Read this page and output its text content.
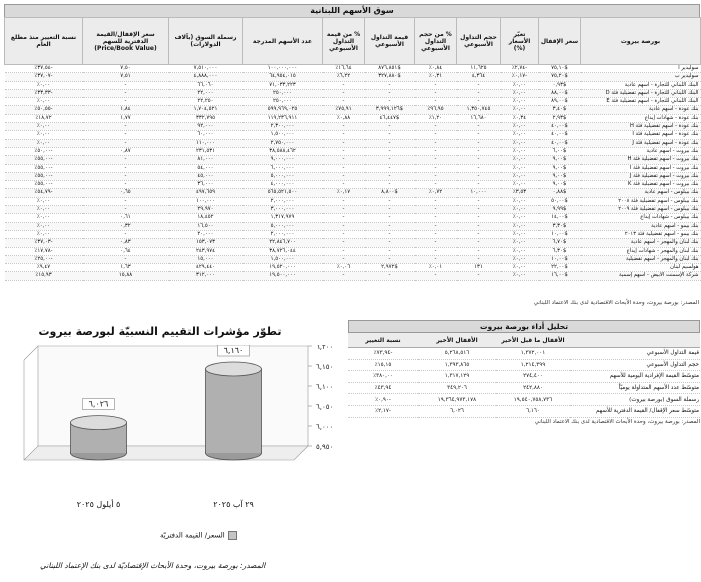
سوق الأسهم اللبنانية
بورصة بيروت	سعر الإقفال	تغيّر الأسعار (%)	حجم التداول الأسبوعي	% من حجم التداول الأسبوعي	قيمة التداول الأسبوعي	% من قيمة التداول الأسبوعي	عدد الأسهم المدرجة	رسملة السوق (بآلاف الدولارات)	سعر الإقفال/القيمة الدفترية للسهم (Price/Book Value)	نسبة التغيير منذ مطلع العام
سوليدير أ	$٧٥,١٠	-٢,٧٤٪	١١,٦٢٥	٠,٨٤٪	$٨٧٦,٨٥١	١٦,٦٤٪	١٠٠,٠٠٠,٠٠٠	٧,٥١٠,٠٠٠	٧,٥٠	-٣٧,٥٤٪
سوليدير ب	$٧٥,٢٠	-٠,١٧٪	٤,٣٦٤	٠,٣١٪	$٣٢٧,٨٨٠	٦,٢٢٪	٦٤,٩٥٤,٠١٥	٤,٨٨٨,٠٠٠	٧,٥١	-٣٧,٠٧٪
البنك اللبناني للتجارة - أسهم عادية	$٠,٩٣	٠,٠٠٪	-	-	-	-	٧١,٠٣٣,٢٢٣	٦٦,٠٦٠	-	٠,٠٠٪
البنك اللبناني للتجارة - أسهم تفضيلية فئة D	$٨٨,٠٠	٠,٠٠٪	-	-	-	-	٢٥٠,٠٠٠	٢٢,٠٠٠	-	-٣٣,٣٣٪
البنك اللبناني للتجارة - أسهم تفضيلية فئة E	$٨٩,٠٠	٠,٠٠٪	-	-	-	-	٢٥٠,٠٠٠	٢٢,٢٥٠	-	٠,٠٠٪
بنك عودة - أسهم عادية	$٣,٤٠	٠,٠٠٪	١,٣٥٠,٧٤٥	٩٦,٩٥٪	$٣,٩٩٩,١٢٦	٧٥,٩١٪	٥٩٩,٩٦٩,٠٢٥	١,٧٠٤,٥٢١	١,٨٤	-٥٠,٥٥٪
بنك عودة - شهادات إيداع	$٢,٩٣	٠,٣٤٪	١٦,٦٨٠	١,٢٠٪	$٤٦,٤٤٧	٠,٨٨٪	١١٩,٢٣٦,٩١١	٣٣٢,٧٩٥	١,٧٧	١٨,٧٢٪
بنك عودة - أسهم تفضيلية فئة H	$٤٠,٠٠	٠,٠٠٪	-	-	-	-	٢,٣٠٠,٠٠٠	٩٢,٠٠٠	-	٠,٠٠٪
بنك عودة - أسهم تفضيلية فئة I	$٤٠,٠٠	٠,٠٠٪	-	-	-	-	١,٥٠٠,٠٠٠	٦٠,٠٠٠	-	٠,٠٠٪
بنك عودة - أسهم تفضيلية فئة J	$٤٠,٠٠	٠,٠٠٪	-	-	-	-	٢,٧٥٠,٠٠٠	١١٠,٠٠٠	-	٠,٠٠٪
بنك بيروت - أسهم عادية	$٦,٠٠	٠,٠٠٪	-	-	-	-	٣٨,٥٨٨,٤٦٢	٢٣١,٥٣١	٠,٨٧	-٥٠,٠٠٪
بنك بيروت - أسهم تفضيلية فئة H	$٩,٠٠	٠,٠٠٪	-	-	-	-	٩,٠٠٠,٠٠٠	٨١,٠٠٠	-	-٥٥,٠٠٪
بنك بيروت - أسهم تفضيلية فئة I	$٩,٠٠	٠,٠٠٪	-	-	-	-	٦,٠٠٠,٠٠٠	٥٤,٠٠٠	-	-٥٥,٠٠٪
بنك بيروت - أسهم تفضيلية فئة J	$٩,٠٠	٠,٠٠٪	-	-	-	-	٥,٠٠٠,٠٠٠	٤٥,٠٠٠	-	-٥٥,٠٠٪
بنك بيروت - أسهم تفضيلية فئة K	$٩,٠٠	٠,٠٠٪	-	-	-	-	٤,٠٠٠,٠٠٠	٣٦,٠٠٠	-	-٥٥,٠٠٪
بنك بيبلوس - أسهم عادية	$٠,٨٨	٣,٥٣٪	١٠,٠٠٠	٠,٧٢٪	$٨,٨٠٠	٠,١٧٪	٥٦٥,٥٢١,٥٠٠	٤٩٧,٦٥٩	٠,٦٥	-٥٤,٧٩٪
بنك بيبلوس - أسهم تفضيلية فئة ٢٠٠٨	$٥٠,٠٠	٠,٠٠٪	-	-	-	-	٢,٠٠٠,٠٠٠	١٠٠,٠٠٠	-	٠,٠٠٪
بنك بيبلوس - أسهم تفضيلية فئة ٢٠٠٩	$٩,٩٩	٠,٠٠٪	-	-	-	-	٣,٠٠٠,٠٠٠	٢٩,٩٧٠	-	٠,٠٠٪
بنك بيبلوس - شهادات إيداع	$١٤,٠٠	٠,٠٠٪	-	-	-	-	١,٣١٧,٩٧٩	١٨,٤٥٢	٠,٦١	٠,٠٠٪
بنك بيمو - أسهم عادية	$٣,٣٠	٠,٠٠٪	-	-	-	-	٥,٠٠٠,٠٠٠	١٦,٥٠٠	٠,٣٢	٠,٠٠٪
بنك بيمو - أسهم تفضيلية فئة ٢٠١٣	$١٠,٠٠	٠,٠٠٪	-	-	-	-	٢,٠٠٠,٠٠٠	٢٠,٠٠٠	-	٠,٠٠٪
بنك لبنان والمهجر - أسهم عادية	$٦,٧٠	٠,٠٠٪	-	-	-	-	٢٢,٨٤٦,٧٠٠	١٥٣,٠٧٣	٠,٨٣	-٣٧,٠٣٪
بنك لبنان والمهجر - شهادات إيداع	$٦,٣٠	٠,٠٠٪	-	-	-	-	٣٨,٧٢٦,٠٤٤	٢٤٣,٩٧٤	٠,٦٤	-١٧,٧٨٪
بنك لبنان والمهجر - أسهم تفضيلية	$١٠,٠٠	٠,٠٠٪	-	-	-	-	١,٥٠٠,٠٠٠	١٥,٠٠٠	-	-٢٥,٠٠٪
هولسيم لبنان	$٢٢,٠٠	٠,٠٠٪	١٣١	٠,٠١٪	$٢,٩٧٢	٠,٠٦٪	١٩,٥٢٠,٠٠٠	٤٢٩,٤٤٠	١,٦٣	٩,٤٧٪
شركة الإسمنت الأبيض - أسهم إسمية	$١٦,٠٠	٠,٠٠٪	-	-	-	-	١٩,٥٠٠,٠٠٠	٣١٢,٠٠٠	١٥,٨٨	١٥,٩٣٪
المصدر: بورصة بيروت، وحدة الأبحاث الاقتصادية لدى بنك الاعتماد اللبناني
تحليل أداء بورصة بيروت
	الأقفال ما قبل الأخير	الأقفال الأخير	نسبة التغيير
قيمة التداول الأسبوعي	١,٣٧٢,٠٠١	٥,٢٦٨,٥١٦	-٧٣,٩٤٪
حجم التداول الأسبوعي	١,٢١٤,٣٩٩	١,٣٩٣,٨٦٥	١٥,١٥٪
متوسّط القيمة الإفرادية اليومية للأسهم	٢٧٤,٤٠٠	١,٣١٧,١٢٩	٣٨٠,٠٠٪
متوسّط عدد الأسهم المتداولة يوميّاً	٢٤٢,٨٨٠	٣٤٩,٢٠٦	٤٣,٩٤٪
رسملة السوق (بورصة بيروت)	١٩,٥٤٠,٧٥٨,٧٣٦	١٩,٣٦٤,٩٧٣,١٧٨	-٠,٩٠٪
متوسّط سعر الإقفال/ القيمة الدفترية للأسهم	٦,١٦٠	٦,٠٢٦	-٢,١٧٪
المصدر: بورصة بيروت، وحدة الأبحاث الاقتصادية لدى بنك الاعتماد اللبناني
تطوّر مؤشرات التقييم النسبيّة لبورصة بيروت
٥,٩٥٠
٦,٠٠٠
٦,٠٥٠
٦,١٠٠
٦,١٥٠
٦,٢٠٠
٦,٠٢٦
٥ أيلول ٢٠٢٥
٦,١٦٠
٢٩ آب ٢٠٢٥
السعر/ القيمة الدفتريّة
المصدر: بورصة بيروت، وحدة الأبحاث الإقتصاديّة لدى بنك الإعتماد اللبناني
